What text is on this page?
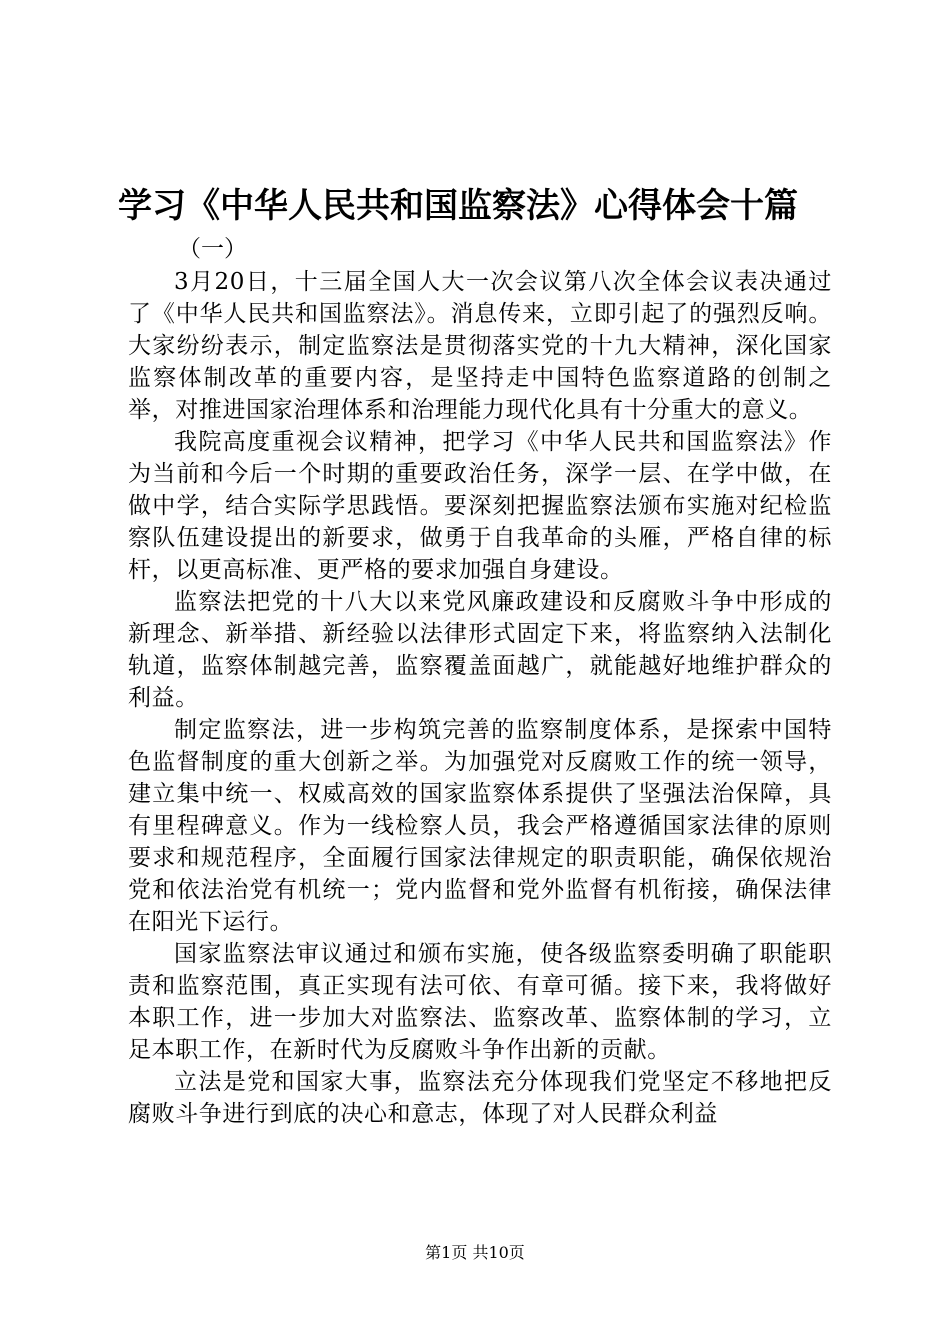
学习《中华人民共和国监察法》心得体会十篇

（一）

3月20日，十三届全国人大一次会议第八次全体会议表决通过了《中华人民共和国监察法》。消息传来，立即引起了的强烈反响。大家纷纷表示，制定监察法是贯彻落实党的十九大精神，深化国家监察体制改革的重要内容，是坚持走中国特色监察道路的创制之举，对推进国家治理体系和治理能力现代化具有十分重大的意义。

我院高度重视会议精神，把学习《中华人民共和国监察法》作为当前和今后一个时期的重要政治任务，深学一层、在学中做，在做中学，结合实际学思践悟。要深刻把握监察法颁布实施对纪检监察队伍建设提出的新要求，做勇于自我革命的头雁，严格自律的标杆，以更高标准、更严格的要求加强自身建设。

监察法把党的十八大以来党风廉政建设和反腐败斗争中形成的新理念、新举措、新经验以法律形式固定下来，将监察纳入法制化轨道，监察体制越完善，监察覆盖面越广，就能越好地维护群众的利益。

制定监察法，进一步构筑完善的监察制度体系，是探索中国特色监督制度的重大创新之举。为加强党对反腐败工作的统一领导，建立集中统一、权威高效的国家监察体系提供了坚强法治保障，具有里程碑意义。作为一线检察人员，我会严格遵循国家法律的原则要求和规范程序，全面履行国家法律规定的职责职能，确保依规治党和依法治党有机统一；党内监督和党外监督有机衔接，确保法律在阳光下运行。

国家监察法审议通过和颁布实施，使各级监察委明确了职能职责和监察范围，真正实现有法可依、有章可循。接下来，我将做好本职工作，进一步加大对监察法、监察改革、监察体制的学习，立足本职工作，在新时代为反腐败斗争作出新的贡献。

立法是党和国家大事，监察法充分体现我们党坚定不移地把反腐败斗争进行到底的决心和意志，体现了对人民群众利益

第1页 共10页
